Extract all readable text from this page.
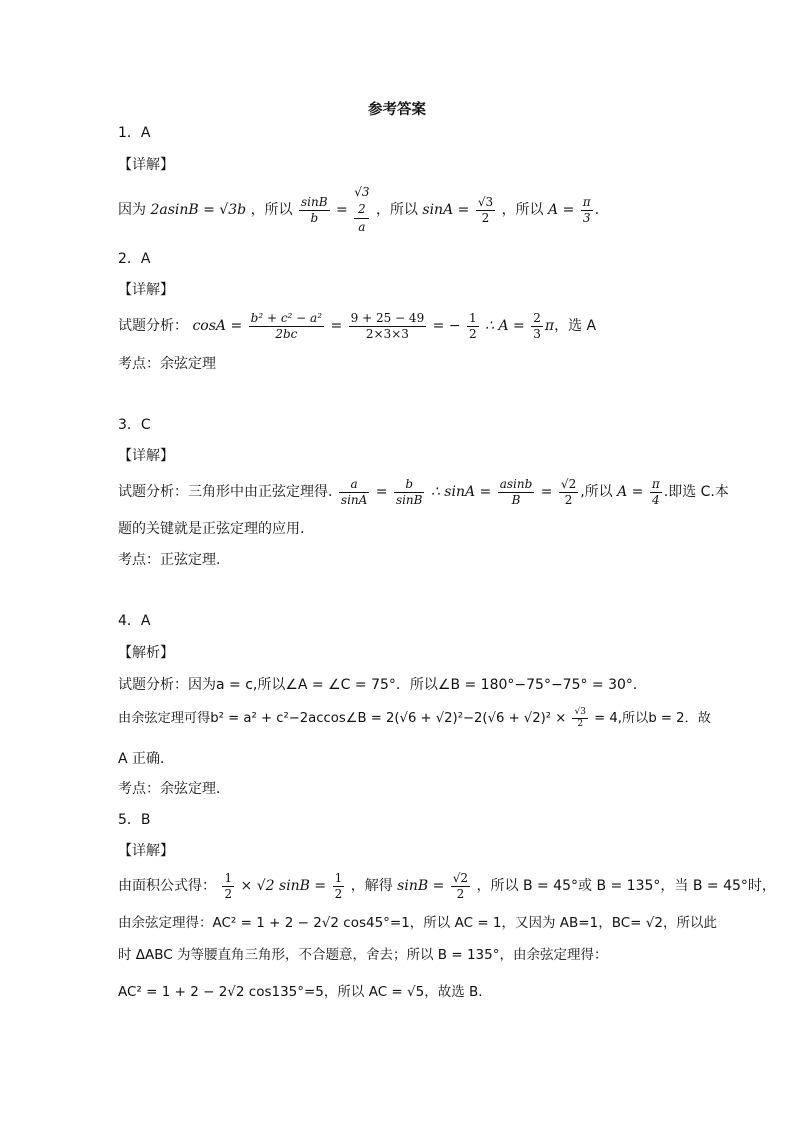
参考答案
1．A
【详解】
因为 2asinB = √3b ，所以 $\frac{\sin B}{b}$ =
√3
2
a
，所以 $\sin A = \frac{√3}{2}$ ，所以 $A = \frac{\pi}{3}$ .
2．A
【详解】
试题分析： $\cos A = \frac{\text{b² + c² − a²}}{2bc} = \frac{9 + 25 - 49}{2\times 3\times 3}$ = − $\frac{1}{2}$ ∴ $A = \frac{2}{3}$ π，选 A
考点：余弦定理
3．C
【详解】
试题分析：三角形中由正弦定理得. $\frac{a}{\sin A} = \frac{b}{\sin B}$ ∴ $\sin A = \frac{asinb}{B} = \frac{√2}{2}$ ,所以 $A = \frac{\pi}{4}$ .即选 C.本
题的关键就是正弦定理的应用.
考点：正弦定理.
4．A
【解析】
试题分析：因为a = c,所以∠A = ∠C = 75°．所以∠B = 180°−75°−75° = 30°．
由余弦定理可得b² = a² + c²−2accos∠B = $2(√6 + √2)^2-2(√6 + √2)^2 \times \frac{√3}{2} = 4$,所以b = 2．故
A 正确．
考点：余弦定理．
5．B
【详解】
由面积公式得： $\frac{1}{2} \times √2$ $\sin B = \frac{1}{2}$ ，解得 $\sin B = \frac{√2}{2}$ ，所以 B = 45°或 B = 135°，当 B = 45°时，
由余弦定理得：AC² = 1 + 2 − 2√2 cos45°=1，所以 AC = 1，又因为 AB=1，BC= √2，所以此
时 ΔABC 为等腰直角三角形，不合题意，舍去；所以 B = 135°，由余弦定理得：
AC² = 1 + 2 − 2√2 cos135°=5，所以 AC = √5，故选 B.
